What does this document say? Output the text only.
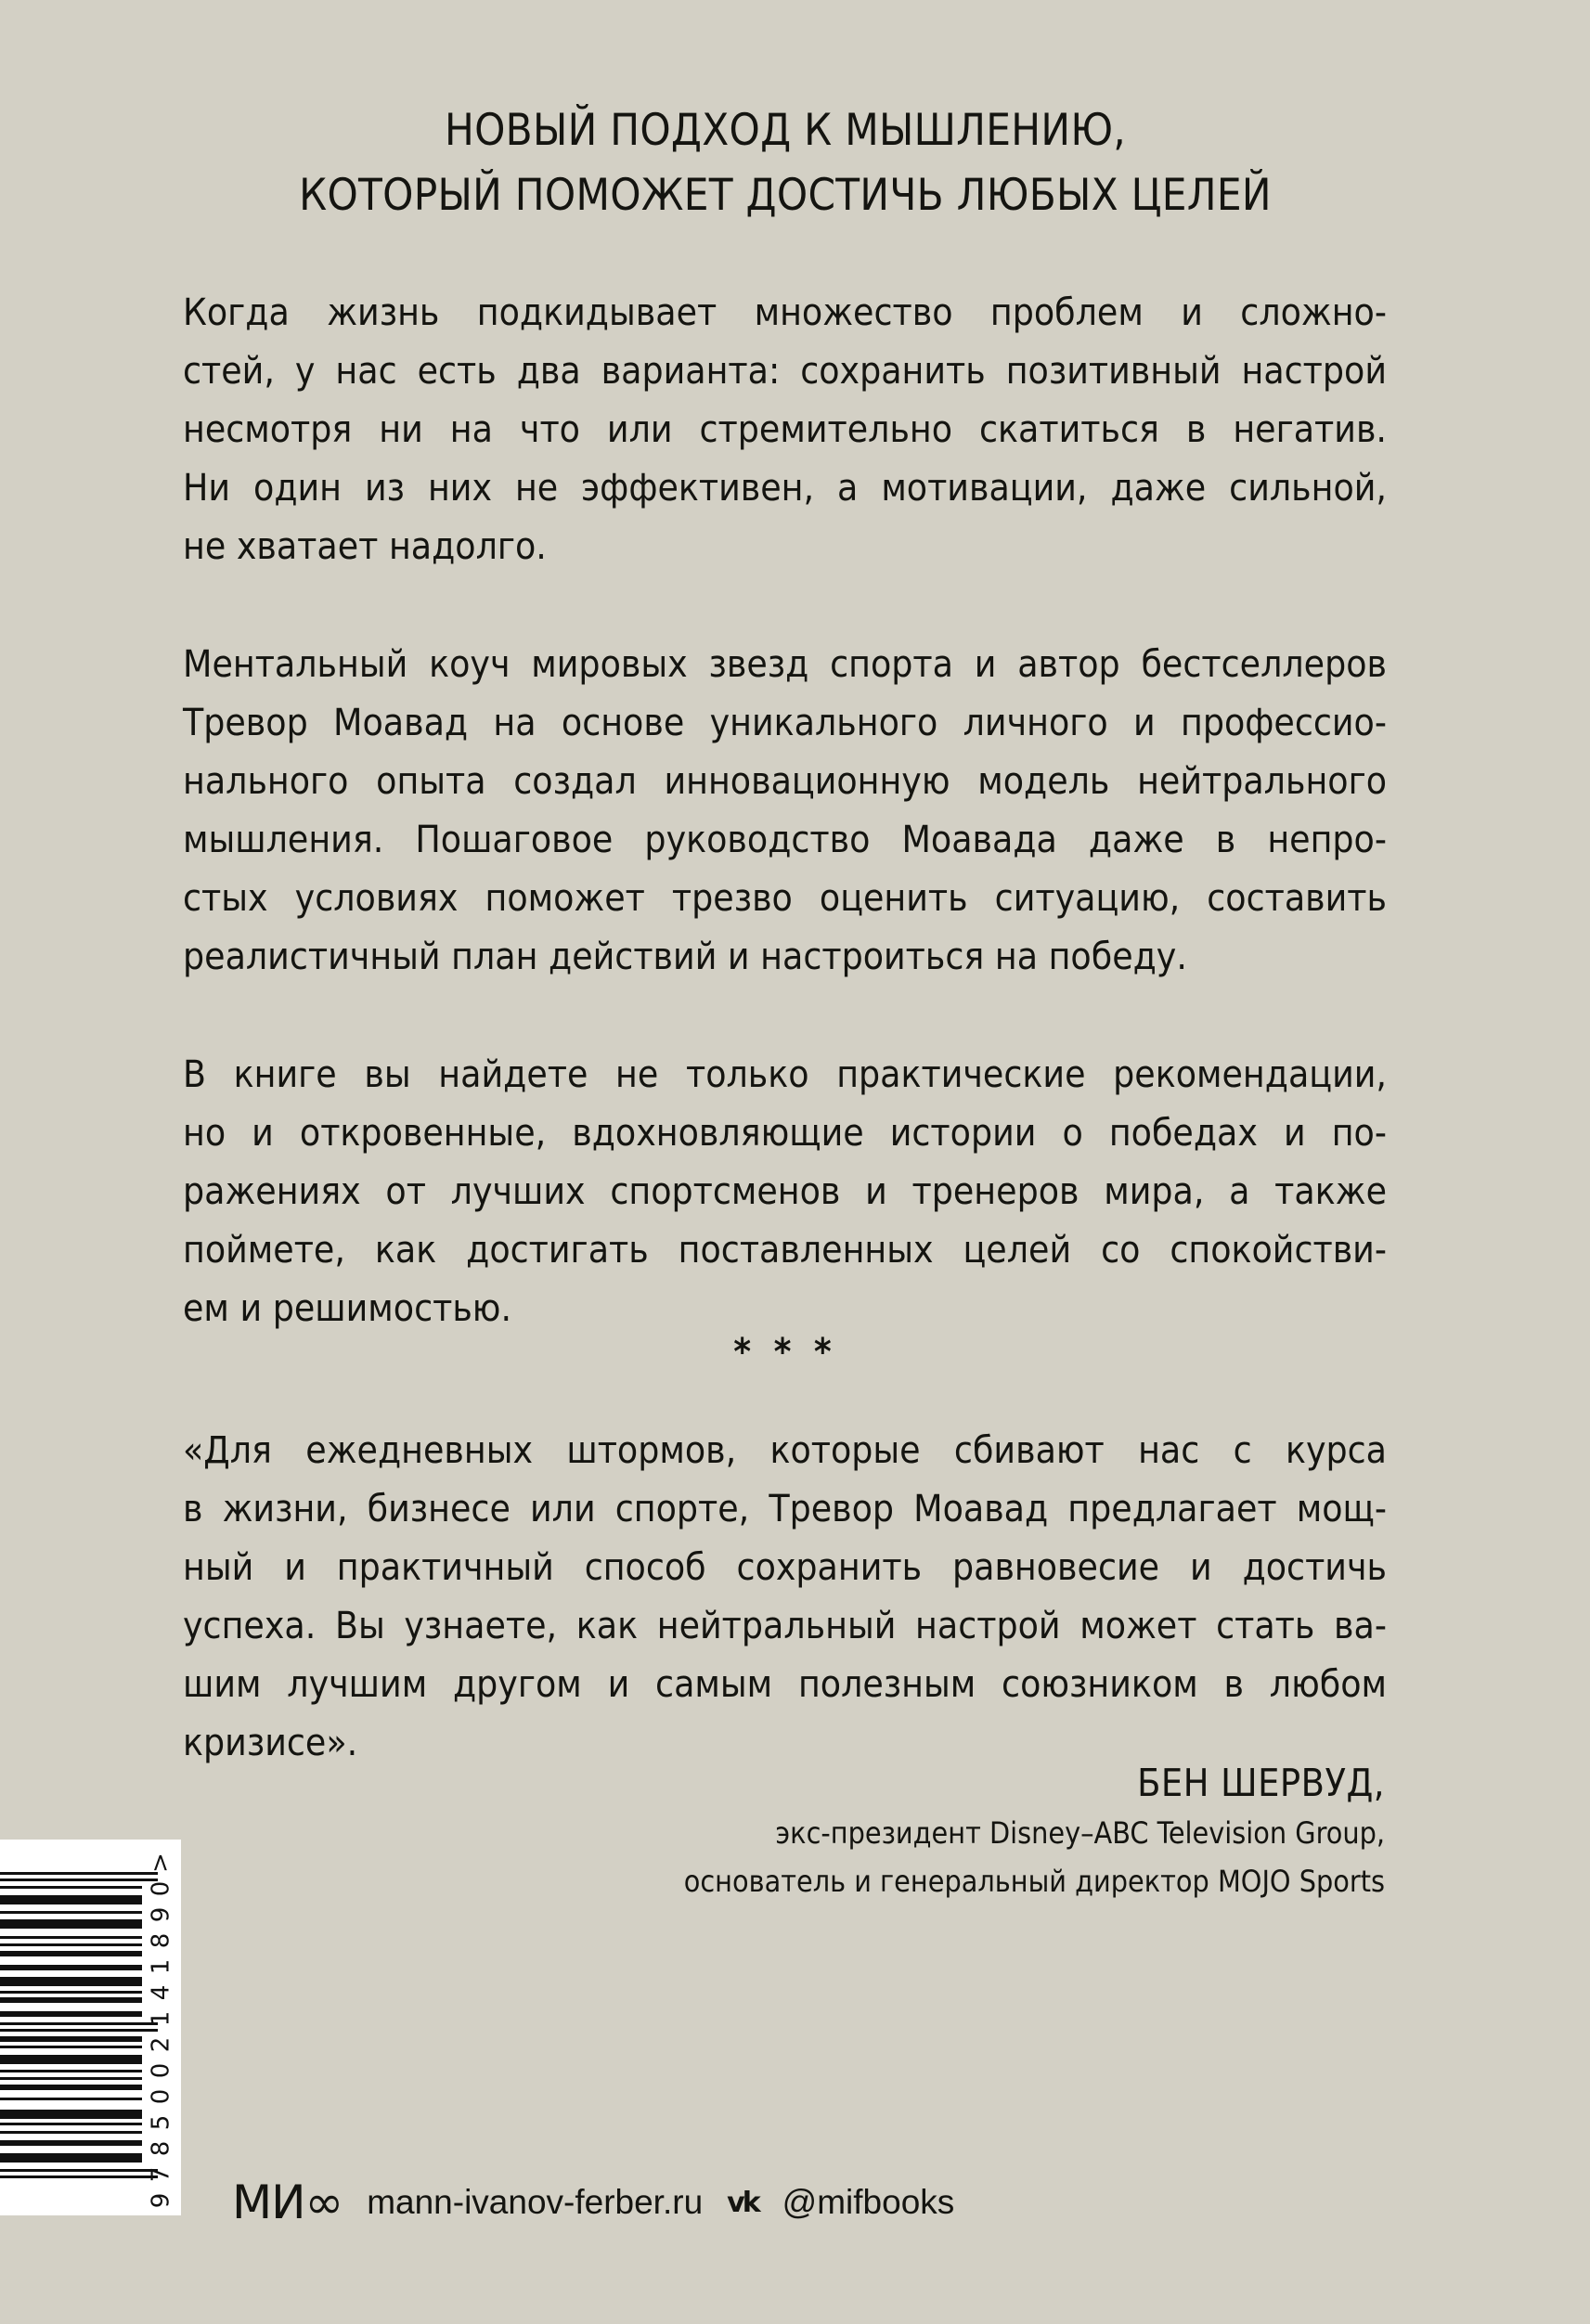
НОВЫЙ ПОДХОД К МЫШЛЕНИЮ,
КОТОРЫЙ ПОМОЖЕТ ДОСТИЧЬ ЛЮБЫХ ЦЕЛЕЙ

Когда жизнь подкидывает множество проблем и сложно-
стей, у нас есть два варианта: сохранить позитивный настрой
несмотря ни на что или стремительно скатиться в негатив.
Ни один из них не эффективен, а мотивации, даже сильной,
не хватает надолго.

Ментальный коуч мировых звезд спорта и автор бестселлеров
Тревор Моавад на основе уникального личного и профессио-
нального опыта создал инновационную модель нейтрального
мышления. Пошаговое руководство Моавада даже в непро-
стых условиях поможет трезво оценить ситуацию, составить
реалистичный план действий и настроиться на победу.

В книге вы найдете не только практические рекомендации,
но и откровенные, вдохновляющие истории о победах и по-
ражениях от лучших спортсменов и тренеров мира, а также
поймете, как достигать поставленных целей со спокойстви-
ем и решимостью.

* * *

«Для ежедневных штормов, которые сбивают нас с курса
в жизни, бизнесе или спорте, Тревор Моавад предлагает мощ-
ный и практичный способ сохранить равновесие и достичь
успеха. Вы узнаете, как нейтральный настрой может стать ва-
шим лучшим другом и самым полезным союзником в любом
кризисе».

БЕН ШЕРВУД,
экс-президент Disney–ABC Television Group,
основатель и генеральный директор MOJO Sports
9
7
8
5
0
0
2
1
4
1
8
9
0
>
МИ∞ mann-ivanov-ferber.ru vk @mifbooks
